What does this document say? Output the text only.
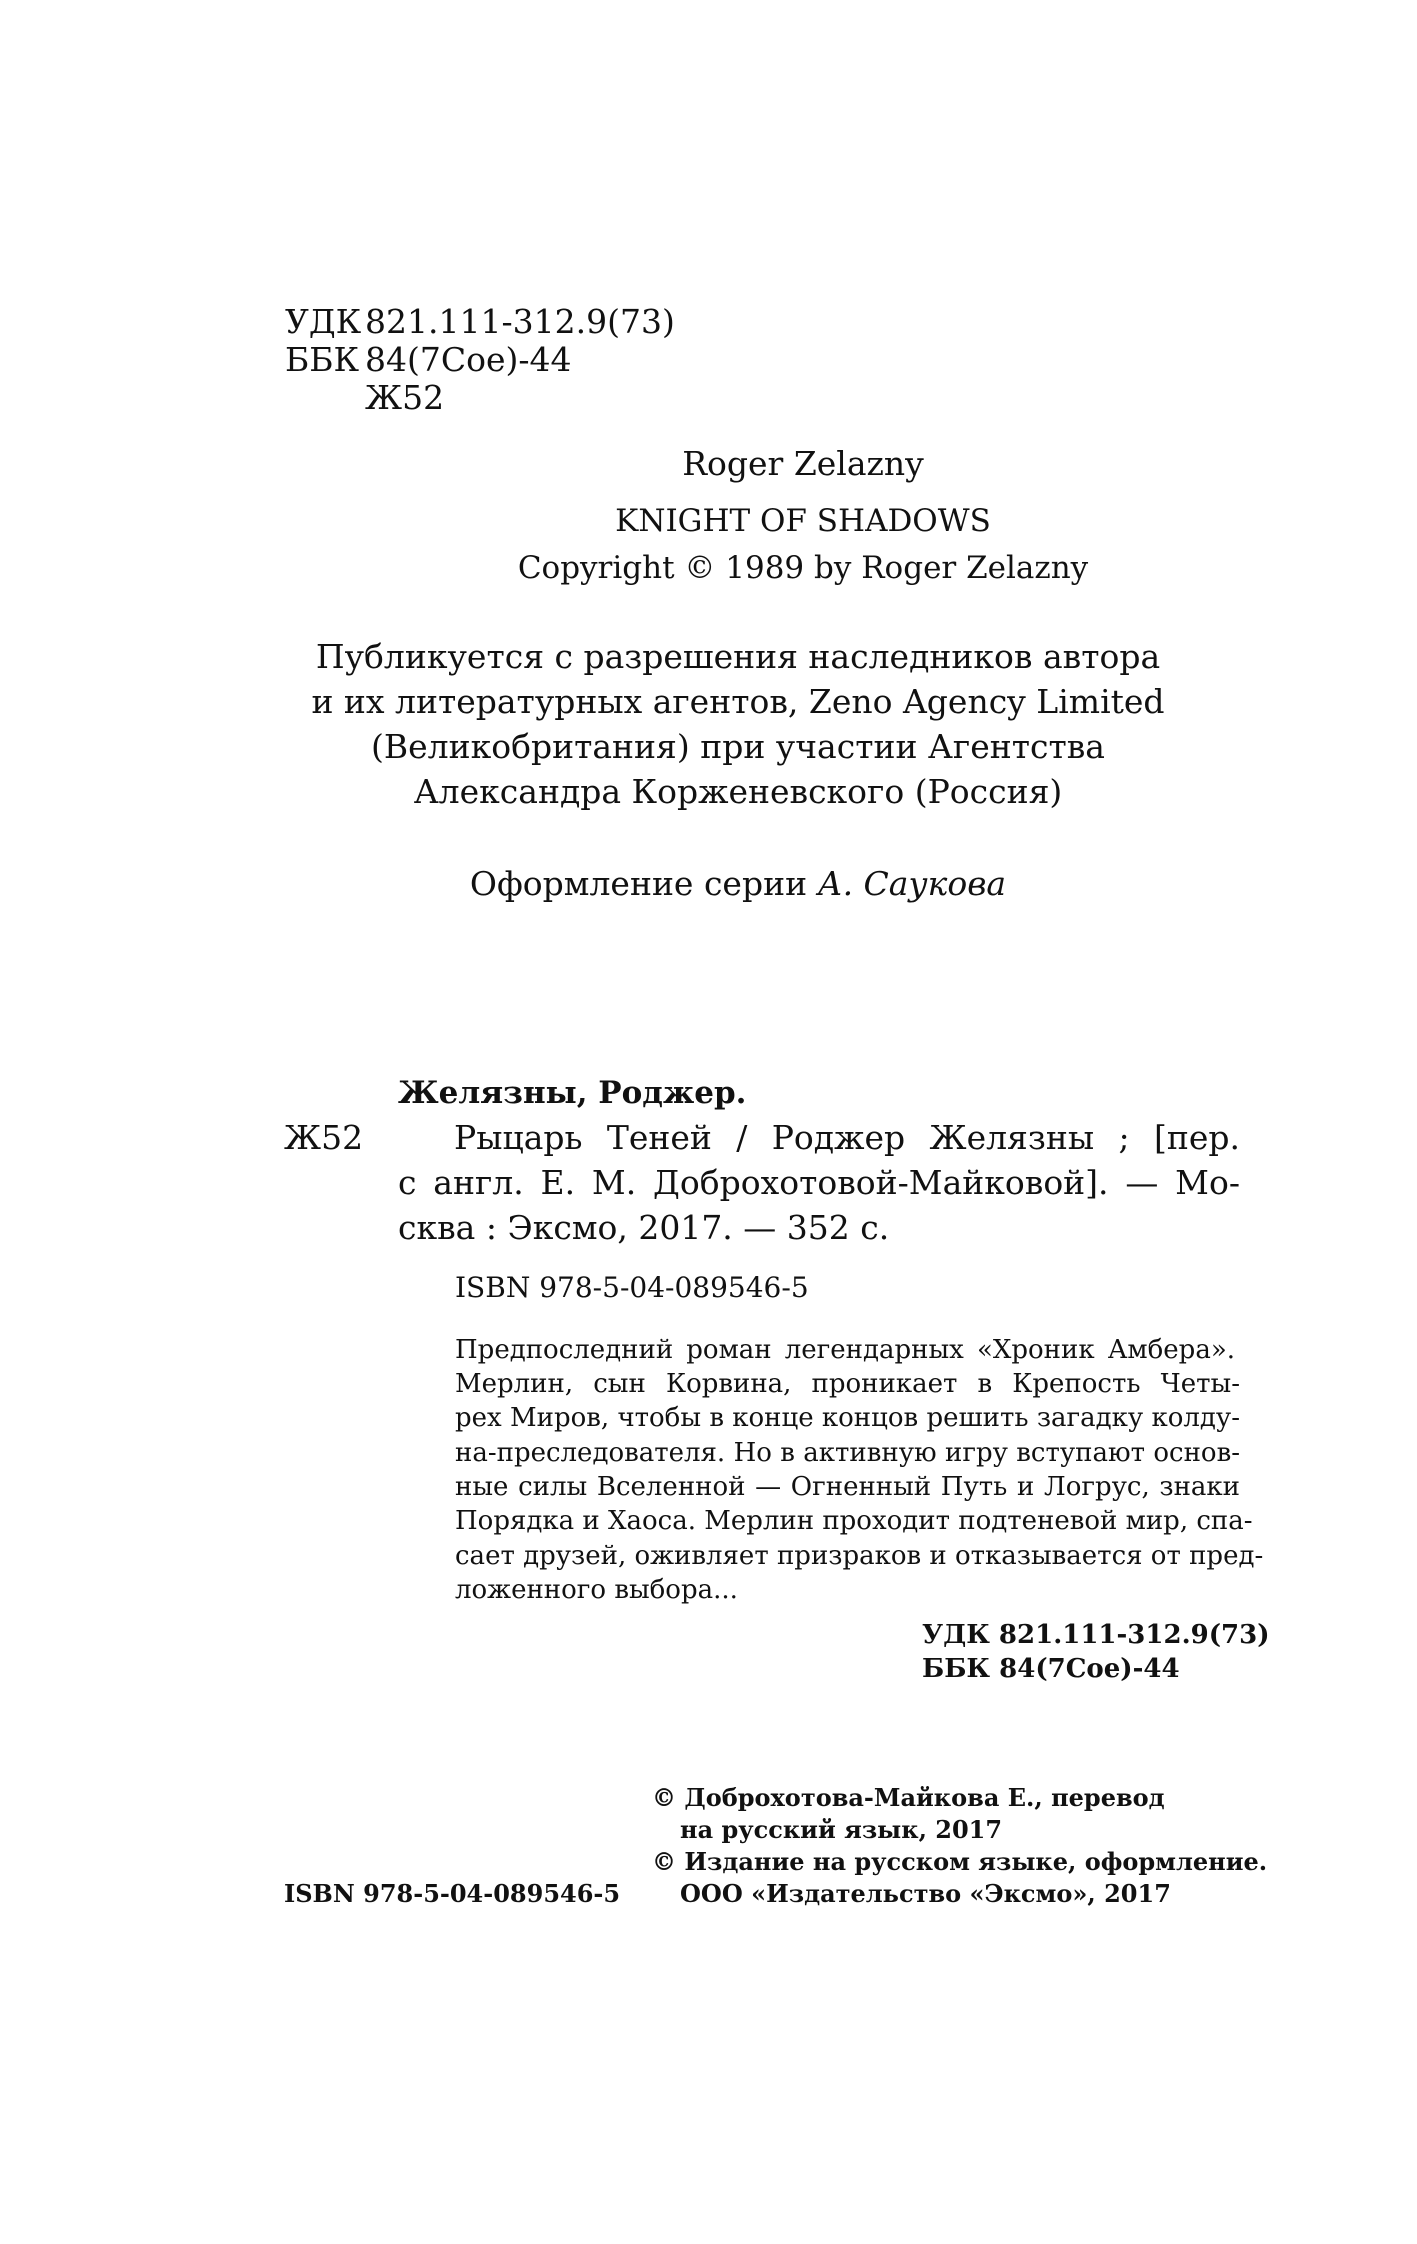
УДК 821.111-312.9(73)
ББК 84(7Сое)-44
Ж52
Roger Zelazny
KNIGHT OF SHADOWS
Copyright © 1989 by Roger Zelazny
Публикуется с разрешения наследников автора
и их литературных агентов, Zeno Agency Limited
(Великобритания) при участии Агентства
Александра Корженевского (Россия)
Оформление серии А. Саукова
Желязны, Роджер.
Ж52	Рыцарь Теней / Роджер Желязны ; [пер.
с англ. Е. М. Доброхотовой-Майковой]. — Мо-
сква : Эксмо, 2017. — 352 с.
ISBN 978-5-04-089546-5
Предпоследний роман легендарных «Хроник Амбера».
Мерлин, сын Корвина, проникает в Крепость Четы-
рех Миров, чтобы в конце концов решить загадку колду-
на-преследователя. Но в активную игру вступают основ-
ные силы Вселенной — Огненный Путь и Логрус, знаки
Порядка и Хаоса. Мерлин проходит подтеневой мир, спа-
сает друзей, оживляет призраков и отказывается от пред-
ложенного выбора...
УДК 821.111-312.9(73)
ББК 84(7Сое)-44
© Доброхотова-Майкова Е., перевод
на русский язык, 2017
© Издание на русском языке, оформление.
ООО «Издательство «Эксмо», 2017
ISBN 978-5-04-089546-5
